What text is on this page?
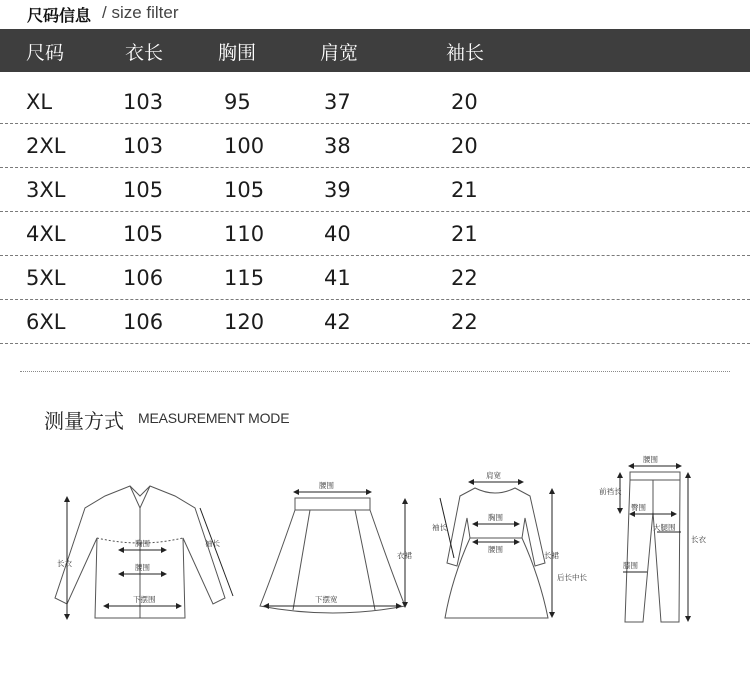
尺码信息 / size filter
尺码	衣长	胸围	肩宽	袖长
XL	103	95	37	20
2XL	103	100	38	20
3XL	105	105	39	21
4XL	105	110	40	21
5XL	106	115	41	22
6XL	106	120	42	22
测量方式 MEASUREMENT MODE
长衣
胸围
腰围
下摆围
袖长
腰围
衣裙
下摆宽
肩宽
袖长
胸围
腰围
长裙
后长中长
腰围
前裆长
臀围
大腿围
长衣
膝围
